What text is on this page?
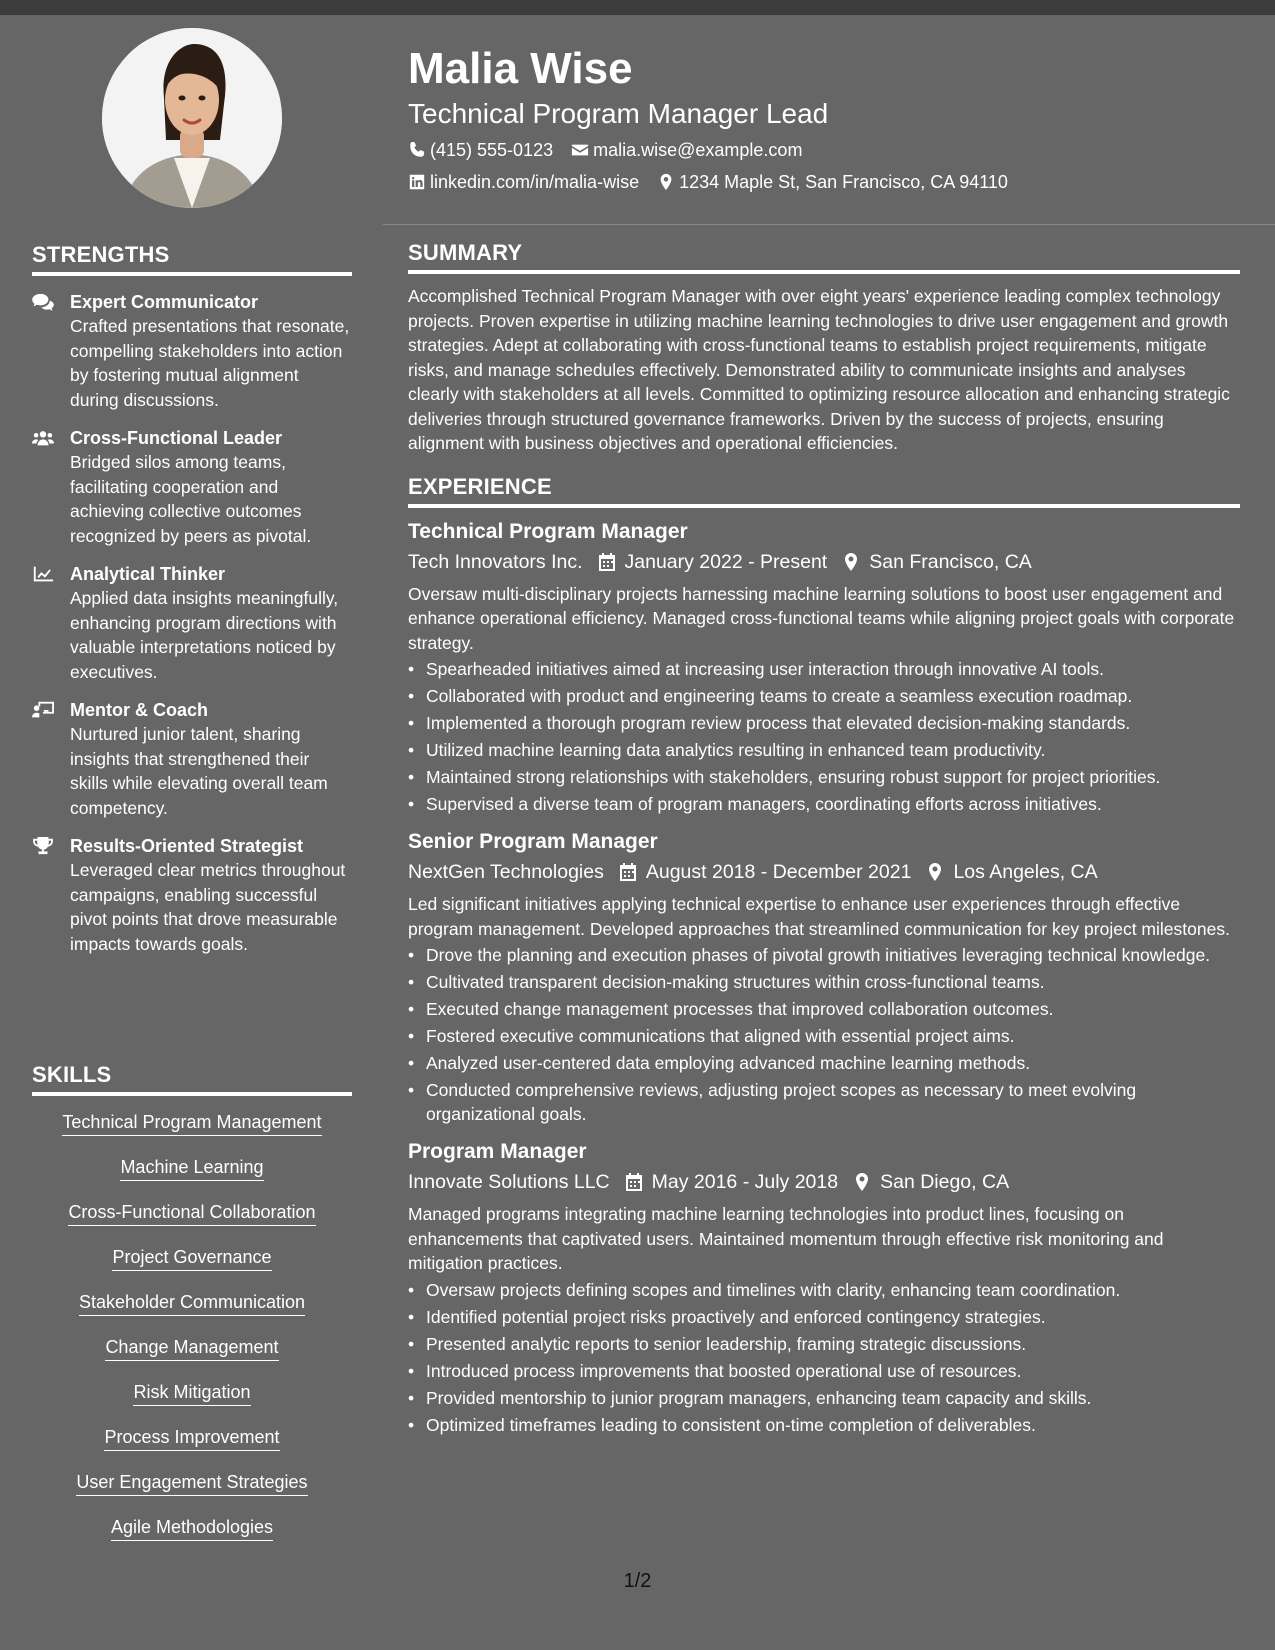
STRENGTHS
Expert Communicator
Crafted presentations that resonate, compelling stakeholders into action by fostering mutual alignment during discussions.
Cross-Functional Leader
Bridged silos among teams, facilitating cooperation and achieving collective outcomes recognized by peers as pivotal.
Analytical Thinker
Applied data insights meaningfully, enhancing program directions with valuable interpretations noticed by executives.
Mentor & Coach
Nurtured junior talent, sharing insights that strengthened their skills while elevating overall team competency.
Results-Oriented Strategist
Leveraged clear metrics throughout campaigns, enabling successful pivot points that drove measurable impacts towards goals.
SKILLS
Technical Program Management
Machine Learning
Cross-Functional Collaboration
Project Governance
Stakeholder Communication
Change Management
Risk Mitigation
Process Improvement
User Engagement Strategies
Agile Methodologies
Malia Wise
Technical Program Manager Lead
(415) 555-0123 malia.wise@example.com
linkedin.com/in/malia-wise 1234 Maple St, San Francisco, CA 94110
SUMMARY
Accomplished Technical Program Manager with over eight years' experience leading complex technology projects. Proven expertise in utilizing machine learning technologies to drive user engagement and growth strategies. Adept at collaborating with cross-functional teams to establish project requirements, mitigate risks, and manage schedules effectively. Demonstrated ability to communicate insights and analyses clearly with stakeholders at all levels. Committed to optimizing resource allocation and enhancing strategic deliveries through structured governance frameworks. Driven by the success of projects, ensuring alignment with business objectives and operational efficiencies.
EXPERIENCE
Technical Program Manager
Tech Innovators Inc. January 2022 - Present San Francisco, CA
Oversaw multi-disciplinary projects harnessing machine learning solutions to boost user engagement and enhance operational efficiency. Managed cross-functional teams while aligning project goals with corporate strategy.
• Spearheaded initiatives aimed at increasing user interaction through innovative AI tools.
• Collaborated with product and engineering teams to create a seamless execution roadmap.
• Implemented a thorough program review process that elevated decision-making standards.
• Utilized machine learning data analytics resulting in enhanced team productivity.
• Maintained strong relationships with stakeholders, ensuring robust support for project priorities.
• Supervised a diverse team of program managers, coordinating efforts across initiatives.
Senior Program Manager
NextGen Technologies August 2018 - December 2021 Los Angeles, CA
Led significant initiatives applying technical expertise to enhance user experiences through effective program management. Developed approaches that streamlined communication for key project milestones.
• Drove the planning and execution phases of pivotal growth initiatives leveraging technical knowledge.
• Cultivated transparent decision-making structures within cross-functional teams.
• Executed change management processes that improved collaboration outcomes.
• Fostered executive communications that aligned with essential project aims.
• Analyzed user-centered data employing advanced machine learning methods.
• Conducted comprehensive reviews, adjusting project scopes as necessary to meet evolving organizational goals.
Program Manager
Innovate Solutions LLC May 2016 - July 2018 San Diego, CA
Managed programs integrating machine learning technologies into product lines, focusing on enhancements that captivated users. Maintained momentum through effective risk monitoring and mitigation practices.
• Oversaw projects defining scopes and timelines with clarity, enhancing team coordination.
• Identified potential project risks proactively and enforced contingency strategies.
• Presented analytic reports to senior leadership, framing strategic discussions.
• Introduced process improvements that boosted operational use of resources.
• Provided mentorship to junior program managers, enhancing team capacity and skills.
• Optimized timeframes leading to consistent on-time completion of deliverables.
1/2
